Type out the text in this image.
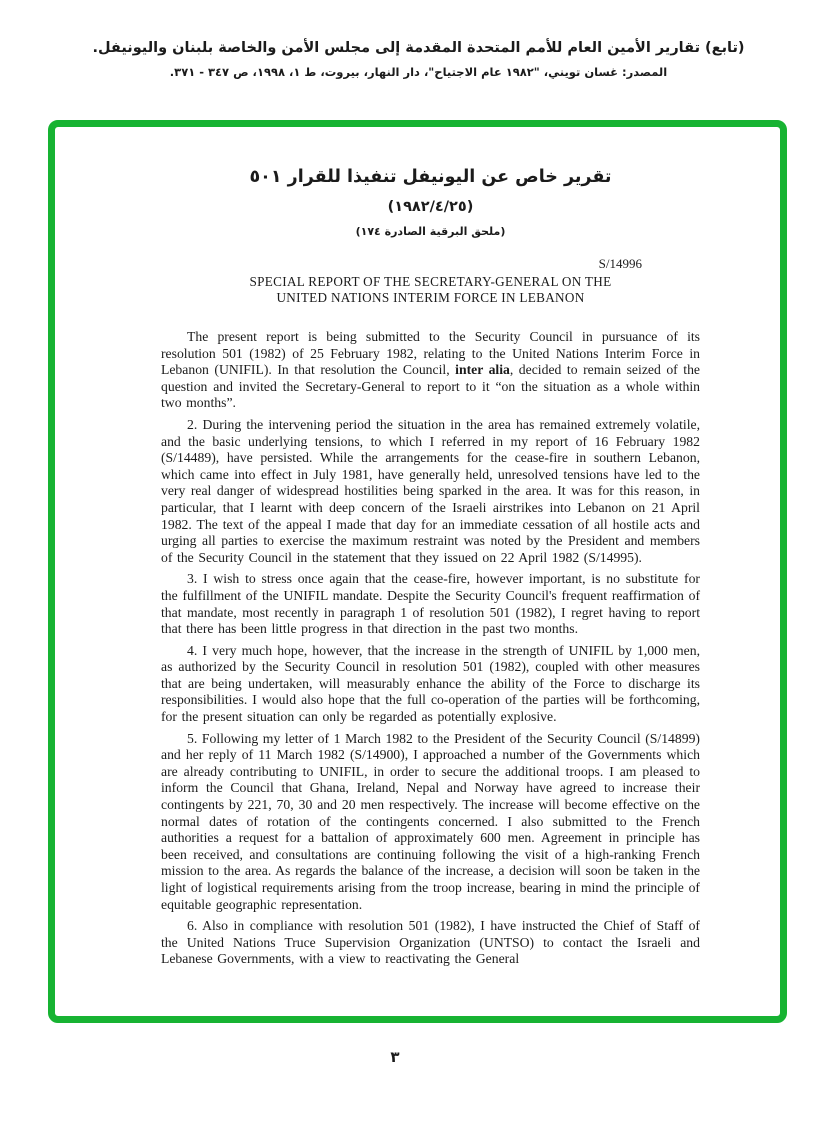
(تابع) تقارير الأمين العام للأمم المتحدة المقدمة إلى مجلس الأمن والخاصة بلبنان واليونيفل.
المصدر: غسان تويني، "١٩٨٢ عام الاجتياح"، دار النهار، بيروت، ط ١، ١٩٩٨، ص ٣٤٧ - ٣٧١.
تقرير خاص عن اليونيفل تنفيذا للقرار ٥٠١
(١٩٨٢/٤/٢٥)
(ملحق البرقية الصادرة ١٧٤)
S/14996
SPECIAL REPORT OF THE SECRETARY-GENERAL ON THE
UNITED NATIONS INTERIM FORCE IN LEBANON
The present report is being submitted to the Security Council in pursuance of its resolution 501 (1982) of 25 February 1982, relating to the United Nations Interim Force in Lebanon (UNIFIL). In that resolution the Council, inter alia, decided to remain seized of the question and invited the Secretary-General to report to it “on the situation as a whole within two months”.
2. During the intervening period the situation in the area has remained extremely volatile, and the basic underlying tensions, to which I referred in my report of 16 February 1982 (S/14489), have persisted. While the arrangements for the cease-fire in southern Lebanon, which came into effect in July 1981, have generally held, unresolved tensions have led to the very real danger of widespread hostilities being sparked in the area. It was for this reason, in particular, that I learnt with deep concern of the Israeli airstrikes into Lebanon on 21 April 1982. The text of the appeal I made that day for an immediate cessation of all hostile acts and urging all parties to exercise the maximum restraint was noted by the President and members of the Security Council in the statement that they issued on 22 April 1982 (S/14995).
3. I wish to stress once again that the cease-fire, however important, is no substitute for the fulfillment of the UNIFIL mandate. Despite the Security Council's frequent reaffirmation of that mandate, most recently in paragraph 1 of resolution 501 (1982), I regret having to report that there has been little progress in that direction in the past two months.
4. I very much hope, however, that the increase in the strength of UNIFIL by 1,000 men, as authorized by the Security Council in resolution 501 (1982), coupled with other measures that are being undertaken, will measurably enhance the ability of the Force to discharge its responsibilities. I would also hope that the full co-operation of the parties will be forthcoming, for the present situation can only be regarded as potentially explosive.
5. Following my letter of 1 March 1982 to the President of the Security Council (S/14899) and her reply of 11 March 1982 (S/14900), I approached a number of the Governments which are already contributing to UNIFIL, in order to secure the additional troops. I am pleased to inform the Council that Ghana, Ireland, Nepal and Norway have agreed to increase their contingents by 221, 70, 30 and 20 men respectively. The increase will become effective on the normal dates of rotation of the contingents concerned. I also submitted to the French authorities a request for a battalion of approximately 600 men. Agreement in principle has been received, and consultations are continuing following the visit of a high-ranking French mission to the area. As regards the balance of the increase, a decision will soon be taken in the light of logistical requirements arising from the troop increase, bearing in mind the principle of equitable geographic representation.
6. Also in compliance with resolution 501 (1982), I have instructed the Chief of Staff of the United Nations Truce Supervision Organization (UNTSO) to contact the Israeli and Lebanese Governments, with a view to reactivating the General
٣
